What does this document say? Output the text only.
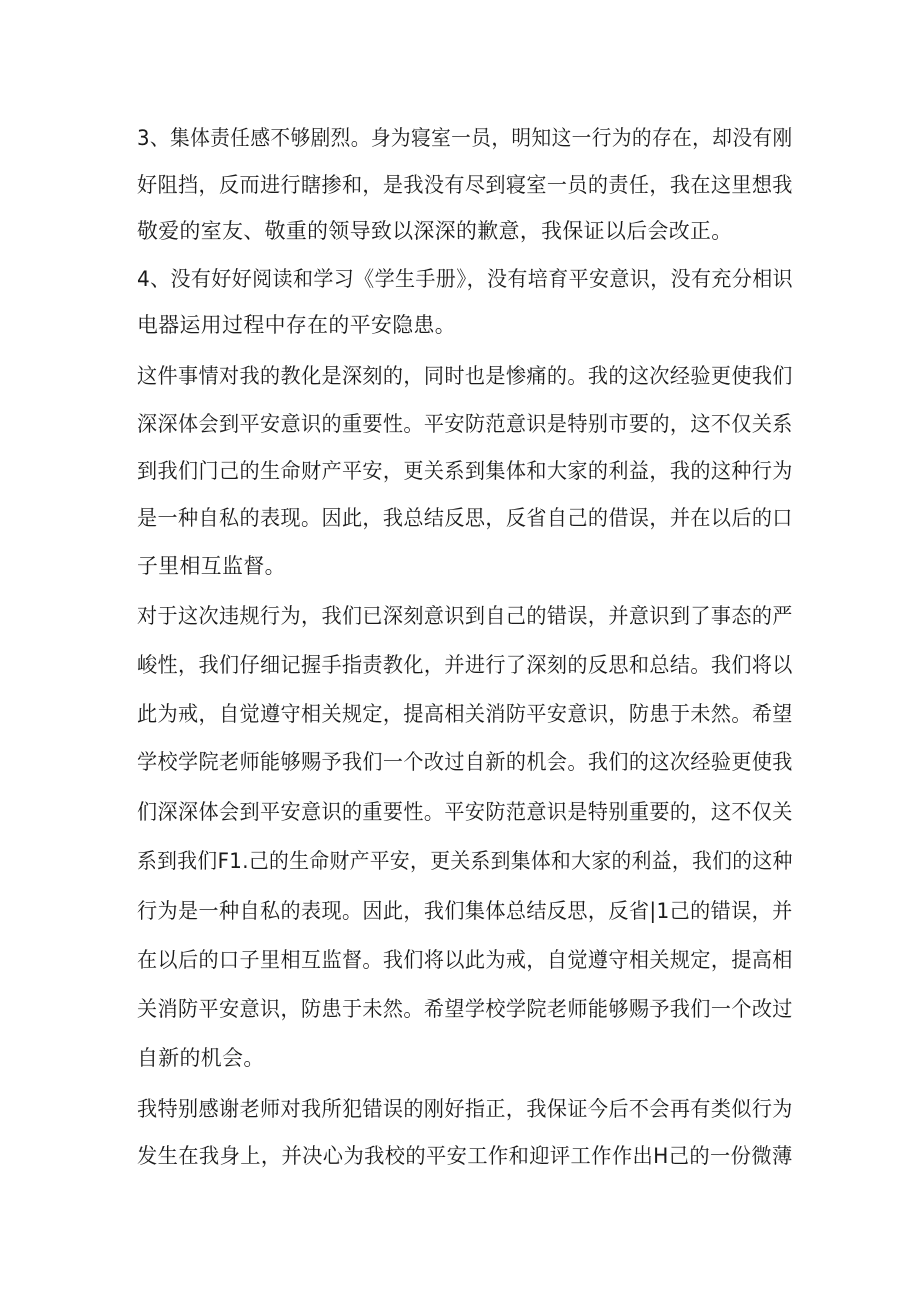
3、集体责任感不够剧烈。身为寝室一员，明知这一行为的存在，却没有刚
好阻挡，反而进行瞎掺和，是我没有尽到寝室一员的责任，我在这里想我
敬爱的室友、敬重的领导致以深深的歉意，我保证以后会改正。
4、没有好好阅读和学习《学生手册》，没有培育平安意识，没有充分相识
电器运用过程中存在的平安隐患。
这件事情对我的教化是深刻的，同时也是惨痛的。我的这次经验更使我们
深深体会到平安意识的重要性。平安防范意识是特别市要的，这不仅关系
到我们门己的生命财产平安，更关系到集体和大家的利益，我的这种行为
是一种自私的表现。因此，我总结反思，反省自己的借误，并在以后的口
子里相互监督。
对于这次违规行为，我们已深刻意识到自己的错误，并意识到了事态的严
峻性，我们仔细记握手指责教化，并进行了深刻的反思和总结。我们将以
此为戒，自觉遵守相关规定，提高相关消防平安意识，防患于未然。希望
学校学院老师能够赐予我们一个改过自新的机会。我们的这次经验更使我
们深深体会到平安意识的重要性。平安防范意识是特别重要的，这不仅关
系到我们F1.己的生命财产平安，更关系到集体和大家的利益，我们的这种
行为是一种自私的表现。因此，我们集体总结反思，反省|1己的错误，并
在以后的口子里相互监督。我们将以此为戒，自觉遵守相关规定，提高相
关消防平安意识，防患于未然。希望学校学院老师能够赐予我们一个改过
自新的机会。
我特别感谢老师对我所犯错误的刚好指正，我保证今后不会再有类似行为
发生在我身上，并决心为我校的平安工作和迎评工作作出H己的一份微薄
